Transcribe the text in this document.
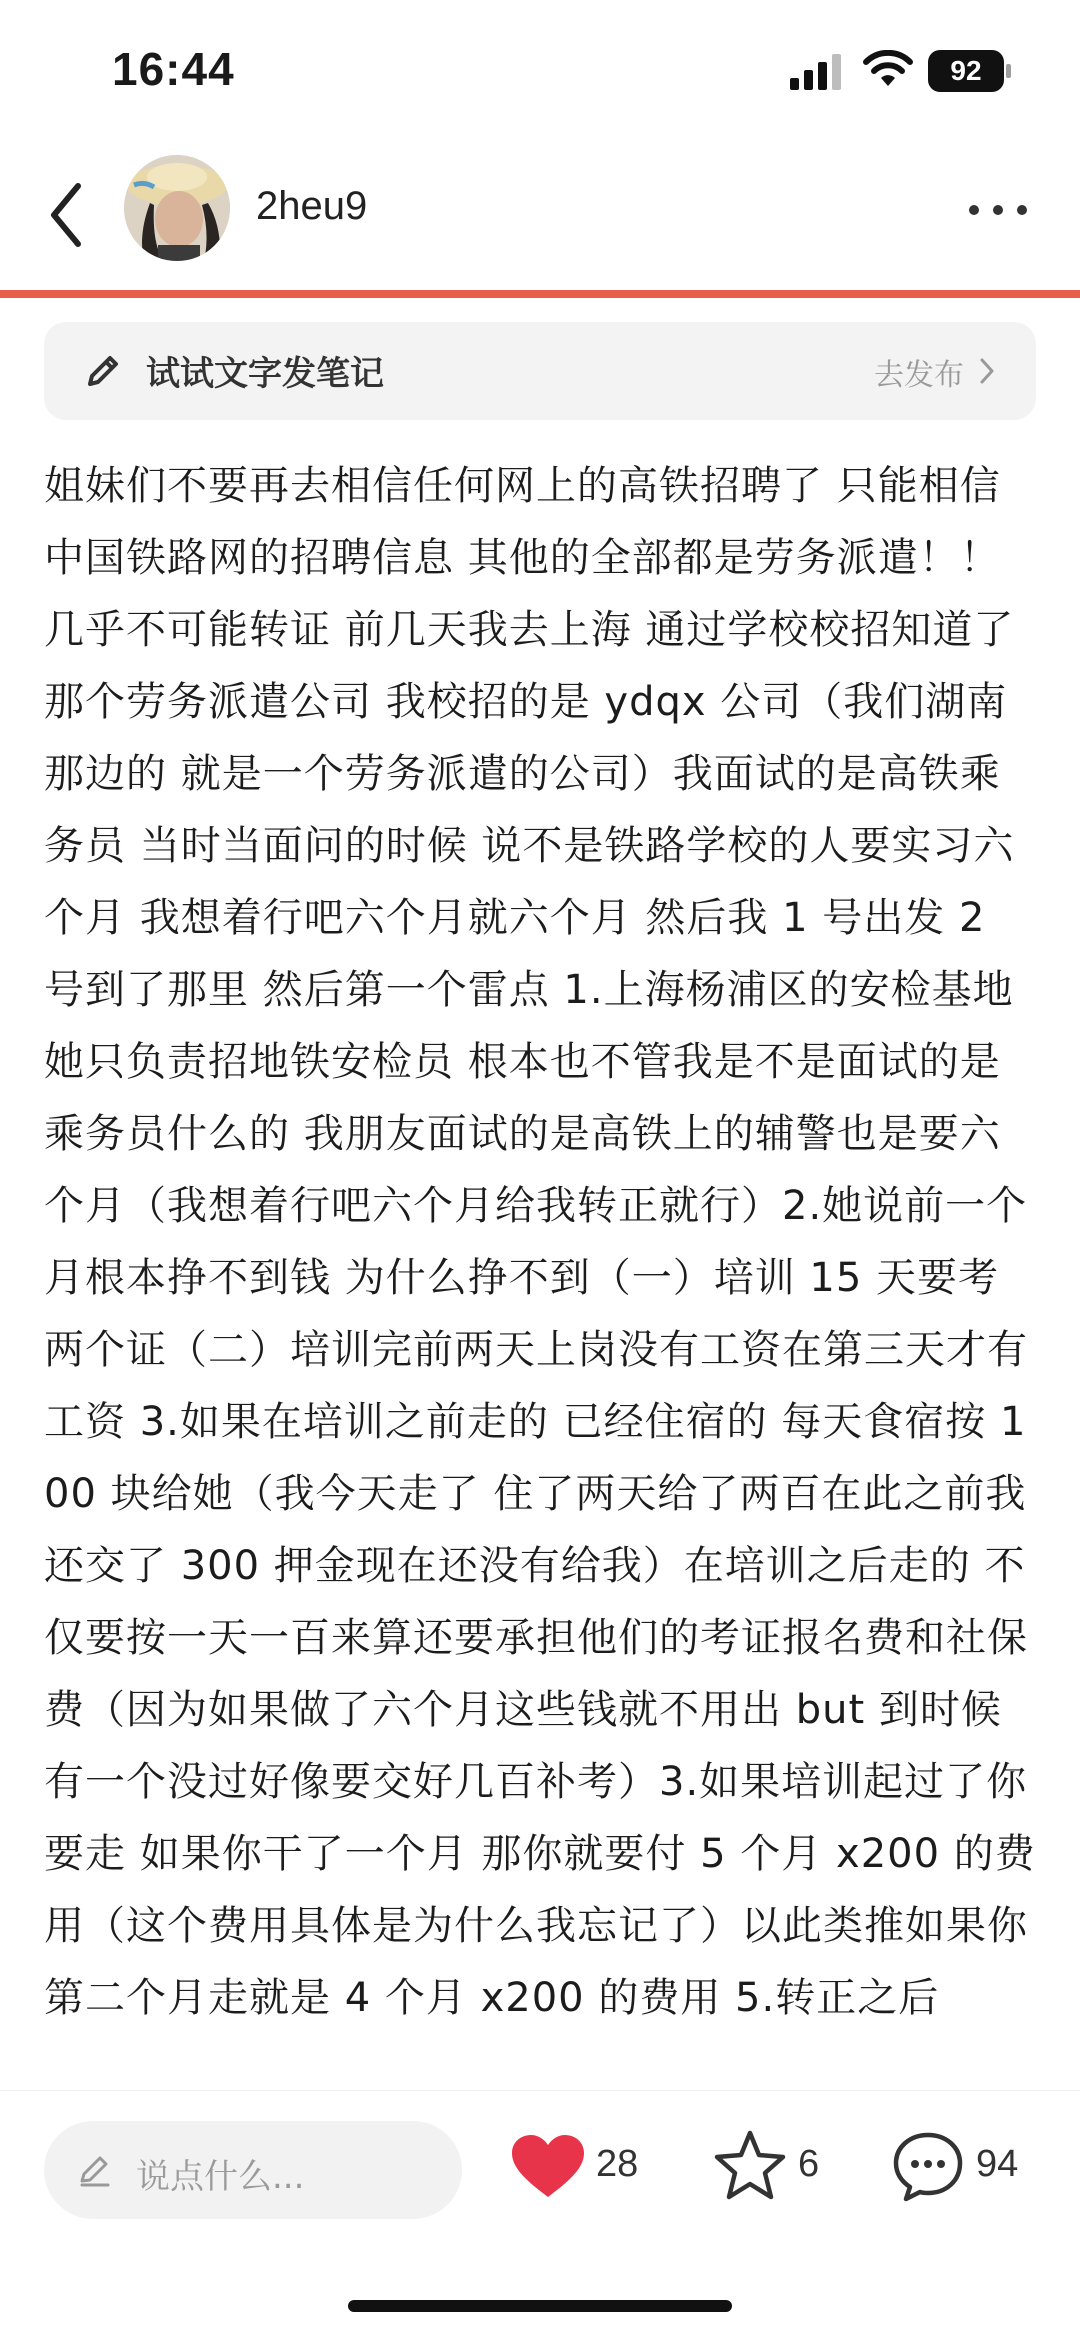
16:44	92
2heu9
试试文字发笔记	去发布
姐妹们不要再去相信任何网上的高铁招聘了 只能相信中国铁路网的招聘信息 其他的全部都是劳务派遣！！ 几乎不可能转证 前几天我去上海 通过学校校招知道了那个劳务派遣公司 我校招的是 ydqx 公司（我们湖南那边的 就是一个劳务派遣的公司）我面试的是高铁乘务员 当时当面问的时候 说不是铁路学校的人要实习六个月 我想着行吧六个月就六个月 然后我 1 号出发 2 号到了那里 然后第一个雷点 1.上海杨浦区的安检基地 她只负责招地铁安检员 根本也不管我是不是面试的是乘务员什么的 我朋友面试的是高铁上的辅警也是要六个月（我想着行吧六个月给我转正就行）2.她说前一个月根本挣不到钱 为什么挣不到（一）培训 15 天要考两个证（二）培训完前两天上岗没有工资在第三天才有工资 3.如果在培训之前走的 已经住宿的 每天食宿按 100 块给她（我今天走了 住了两天给了两百在此之前我还交了 300 押金现在还没有给我）在培训之后走的 不仅要按一天一百来算还要承担他们的考证报名费和社保费（因为如果做了六个月这些钱就不用出 but 到时候有一个没过好像要交好几百补考）3.如果培训起过了你要走 如果你干了一个月 那你就要付 5 个月 x200 的费用（这个费用具体是为什么我忘记了）以此类推如果你第二个月走就是 4 个月 x200 的费用 5.转正之后
说点什么...	28	6	94
